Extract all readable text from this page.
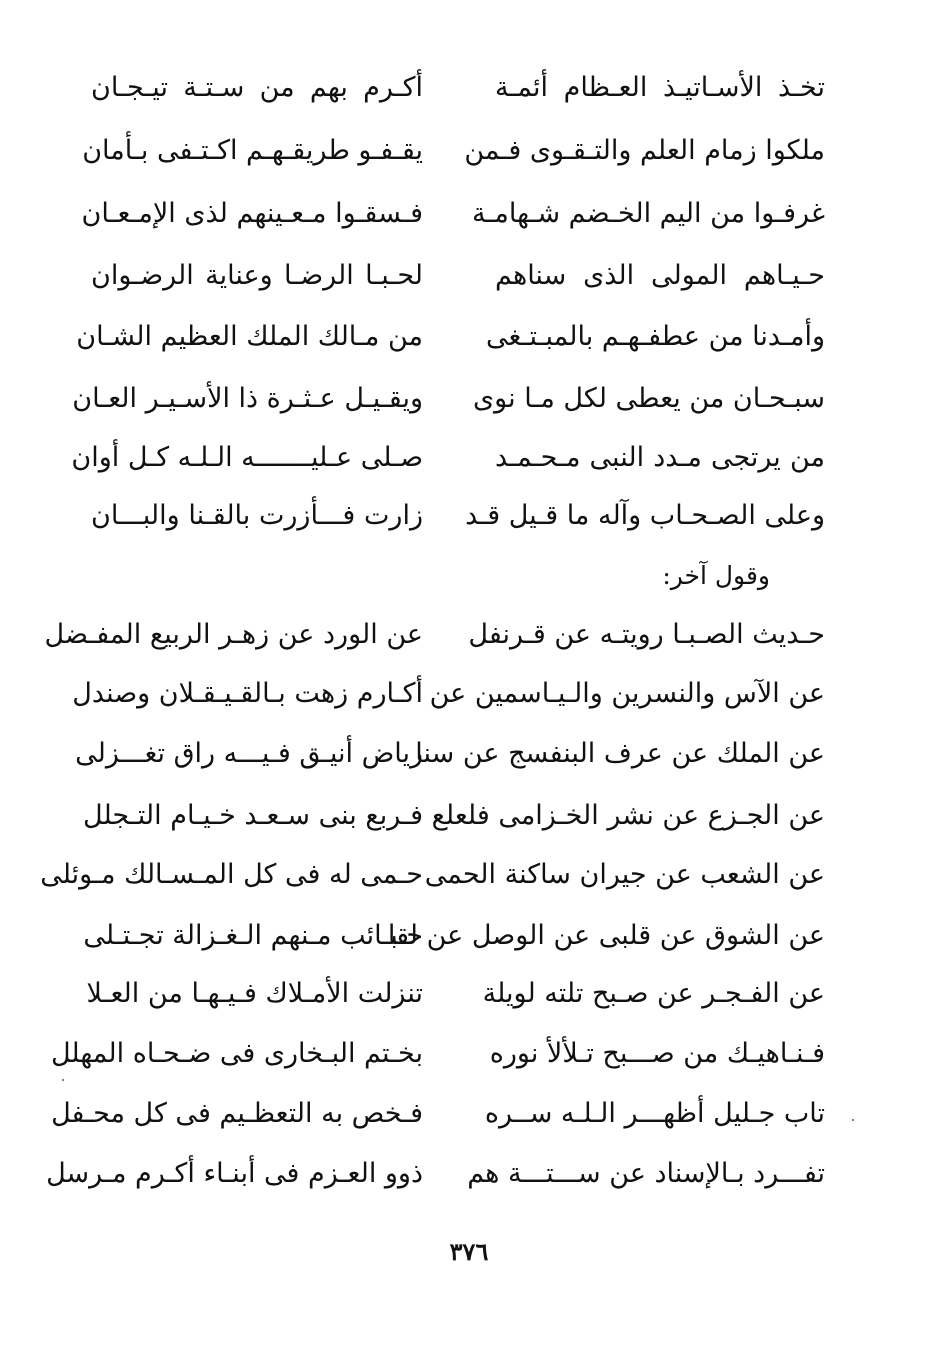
تخـذ الأسـاتيـذ العـظام أئمـة
أكـرم بهم من سـتـة تيـجـان
ملكوا زمام العلم والتـقـوى فـمن
يقـفـو طريقـهـم اكـتـفى بـأمان
غرفـوا من اليم الخـضم شـهامـة
فـسقـوا مـعـينهم لذى الإمـعـان
حـيـاهم المولى الذى سناهم
لحـبـا الرضـا وعناية الرضـوان
وأمـدنا من عطفـهـم بالمبـتـغى
من مـالك الملك العظيم الشـان
سبـحـان من يعطى لكل مـا نوى
ويقـيـل عـثـرة ذا الأسـيـر العـان
من يرتجى مـدد النبى مـحـمـد
صـلى عـليـــــــه الـلـه كـل أوان
وعلى الصـحـاب وآله ما قـيل قـد
زارت فـــأزرت بالقـنا والبـــان
وقول آخر:
حـديث الصـبـا رويتـه عن قـرنفل
عن الورد عن زهـر الربيع المفـضل
عن الآس والنسرين والـيـاسمين عن
أكـارم زهت بـالقـيـقـلان وصندل
عن الملك عن عرف البنفسج عن سنا
رياض أنيـق فـيـــه راق تغـــزلى
عن الجـزع عن نشر الخـزامى فلعلع
فـربع بنى سـعـد خـيـام التـجلل
عن الشعب عن جيران ساكنة الحمى
حـمى له فى كل المـسـالك مـوئلى
عن الشوق عن قلبى عن الوصل عن لقا
حـبـائب مـنهم الـغـزالة تجـتـلى
عن الفـجـر عن صـبح تلته لويلة
تنزلت الأمـلاك فـيـهـا من العـلا
فـنـاهيـك من صـــبح تـلألأ نوره
بخـتم البـخارى فى ضـحـاه المهلل
تاب جـليل أظهـــر الـلـه ســره
فـخص به التعظـيم فى كل محـفل
تفـــرد بـالإسناد عن ســـتـــة هم
ذوو العـزم فى أبنـاء أكـرم مـرسل
٣٧٦
